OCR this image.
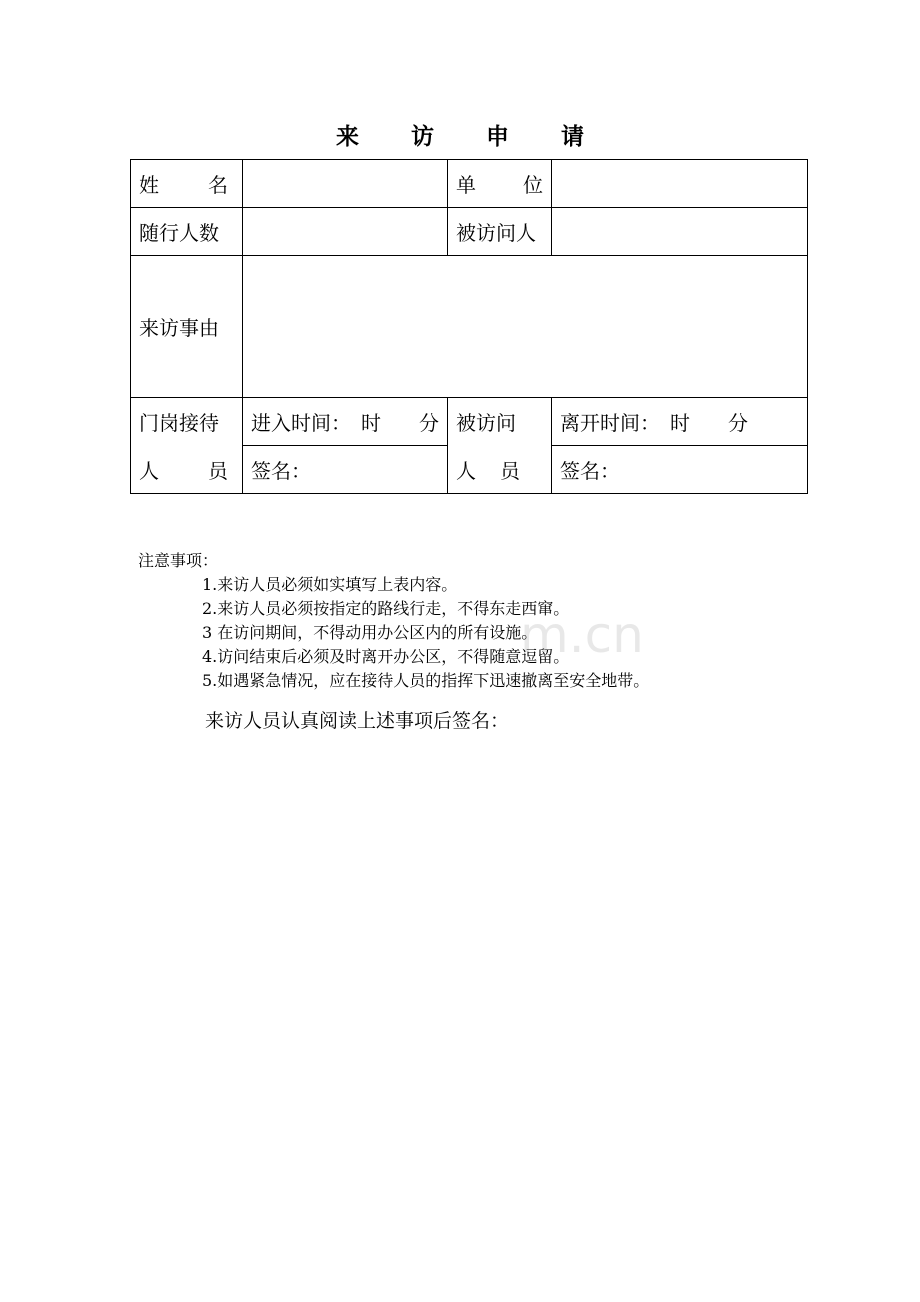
来 访 申 请
姓 名		单 位	

随行人数		被访问人	
来访事由			
门岗接待	进入时间： 时 分	被访问	离开时间： 时 分

人 员	签名：	人 员	签名：
注意事项：
1.来访人员必须如实填写上表内容。
2.来访人员必须按指定的路线行走，不得东走西窜。
3 在访问期间，不得动用办公区内的所有设施。
4.访问结束后必须及时离开办公区，不得随意逗留。
5.如遇紧急情况，应在接待人员的指挥下迅速撤离至安全地带。
m.cn
来访人员认真阅读上述事项后签名：
